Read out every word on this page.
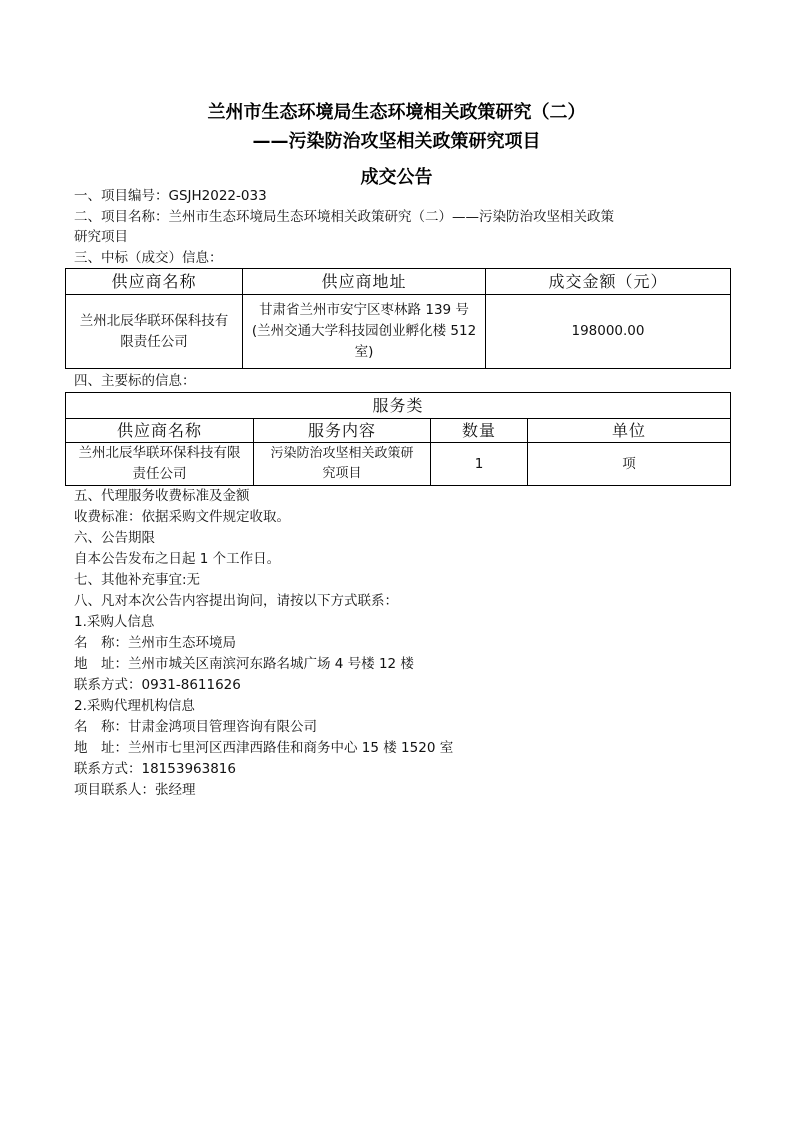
兰州市生态环境局生态环境相关政策研究（二）
——污染防治攻坚相关政策研究项目
成交公告
一、项目编号：GSJH2022-033
二、项目名称：兰州市生态环境局生态环境相关政策研究（二）——污染防治攻坚相关政策
研究项目
三、中标（成交）信息：
供应商名称	供应商地址	成交金额（元）
兰州北辰华联环保科技有限责任公司	甘肃省兰州市安宁区枣林路 139 号(兰州交通大学科技园创业孵化楼 512 室)	198000.00
四、主要标的信息：
服务类			
供应商名称	服务内容	数量	单位
兰州北辰华联环保科技有限责任公司	污染防治攻坚相关政策研究项目	1	项
五、代理服务收费标准及金额
收费标准：依据采购文件规定收取。
六、公告期限
自本公告发布之日起 1 个工作日。
七、其他补充事宜:无
八、凡对本次公告内容提出询问，请按以下方式联系：
1.采购人信息
名　称：兰州市生态环境局
地　址：兰州市城关区南滨河东路名城广场 4 号楼 12 楼
联系方式：0931-8611626
2.采购代理机构信息
名　称：甘肃金鸿项目管理咨询有限公司
地　址：兰州市七里河区西津西路佳和商务中心 15 楼 1520 室
联系方式：18153963816
项目联系人：张经理
